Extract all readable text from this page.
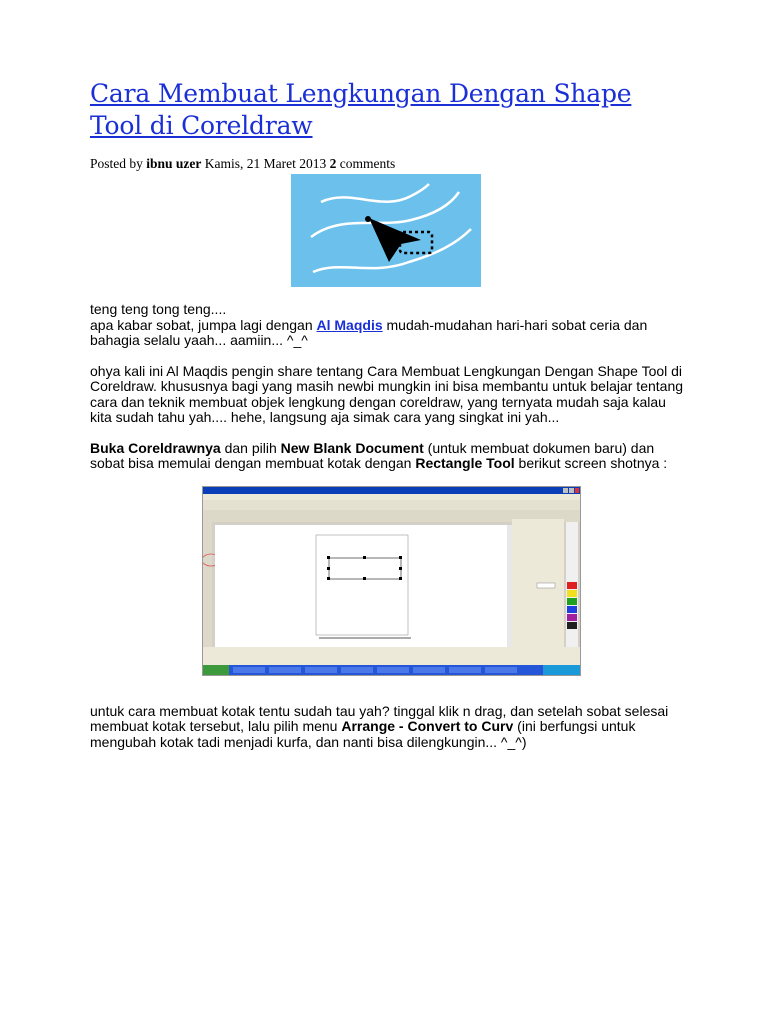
Cara Membuat Lengkungan Dengan Shape Tool di Coreldraw
Posted by ibnu uzer Kamis, 21 Maret 2013 2 comments

teng teng tong teng....

apa kabar sobat, jumpa lagi dengan Al Maqdis mudah-mudahan hari-hari sobat ceria dan bahagia selalu yaah... aamiin... ^_^

ohya kali ini Al Maqdis pengin share tentang Cara Membuat Lengkungan Dengan Shape Tool di Coreldraw. khususnya bagi yang masih newbi mungkin ini bisa membantu untuk belajar tentang cara dan teknik membuat objek lengkung dengan coreldraw, yang ternyata mudah saja kalau kita sudah tahu yah.... hehe, langsung aja simak cara yang singkat ini yah...

Buka Coreldrawnya dan pilih New Blank Document (untuk membuat dokumen baru) dan sobat bisa memulai dengan membuat kotak dengan Rectangle Tool berikut screen shotnya :

untuk cara membuat kotak tentu sudah tau yah? tinggal klik n drag, dan setelah sobat selesai membuat kotak tersebut, lalu pilih menu Arrange - Convert to Curv (ini berfungsi untuk mengubah kotak tadi menjadi kurfa, dan nanti bisa dilengkungin... ^_^)
